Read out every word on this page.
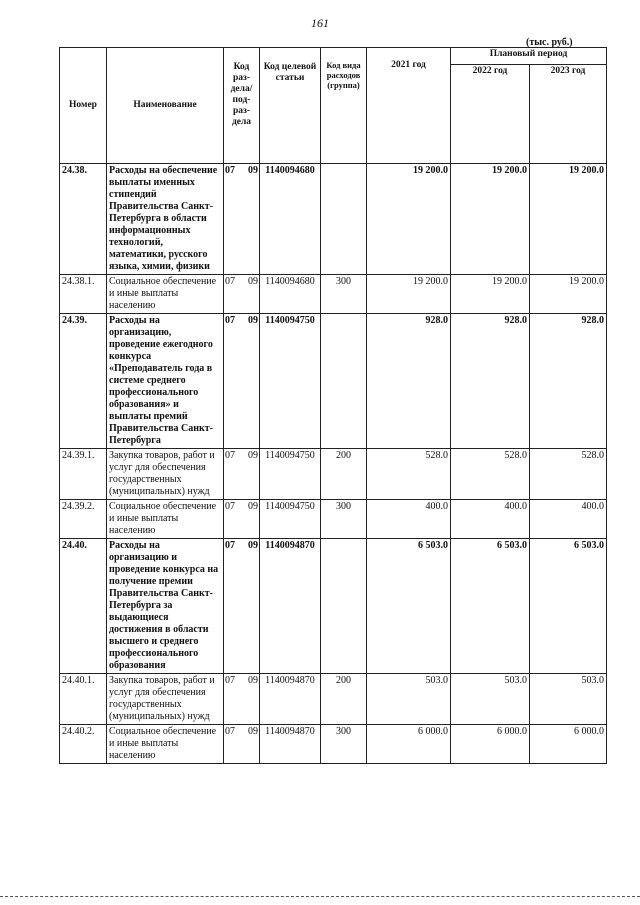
161
(тыс. руб.)
Номер	Наименование	Код раз-дела/ под-раз-дела	Код целевой статьи	Код вида расходов (группа)	2021 год	Плановый период	
						2022 год	2023 год
24.38.	Расходы на обеспечение выплаты именных стипендий Правительства Санкт-Петербурга в области информационных технологий, математики, русского языка, химии, физики	07 09	1140094680		19 200.0	19 200.0	19 200.0
24.38.1.	Социальное обеспечение и иные выплаты населению	07 09	1140094680	300	19 200.0	19 200.0	19 200.0
24.39.	Расходы на организацию, проведение ежегодного конкурса «Преподаватель года в системе среднего профессионального образования» и выплаты премий Правительства Санкт-Петербурга	07 09	1140094750		928.0	928.0	928.0
24.39.1.	Закупка товаров, работ и услуг для обеспечения государственных (муниципальных) нужд	07 09	1140094750	200	528.0	528.0	528.0
24.39.2.	Социальное обеспечение и иные выплаты населению	07 09	1140094750	300	400.0	400.0	400.0
24.40.	Расходы на организацию и проведение конкурса на получение премии Правительства Санкт-Петербурга за выдающиеся достижения в области высшего и среднего профессионального образования	07 09	1140094870		6 503.0	6 503.0	6 503.0
24.40.1.	Закупка товаров, работ и услуг для обеспечения государственных (муниципальных) нужд	07 09	1140094870	200	503.0	503.0	503.0
24.40.2.	Социальное обеспечение и иные выплаты населению	07 09	1140094870	300	6 000.0	6 000.0	6 000.0
